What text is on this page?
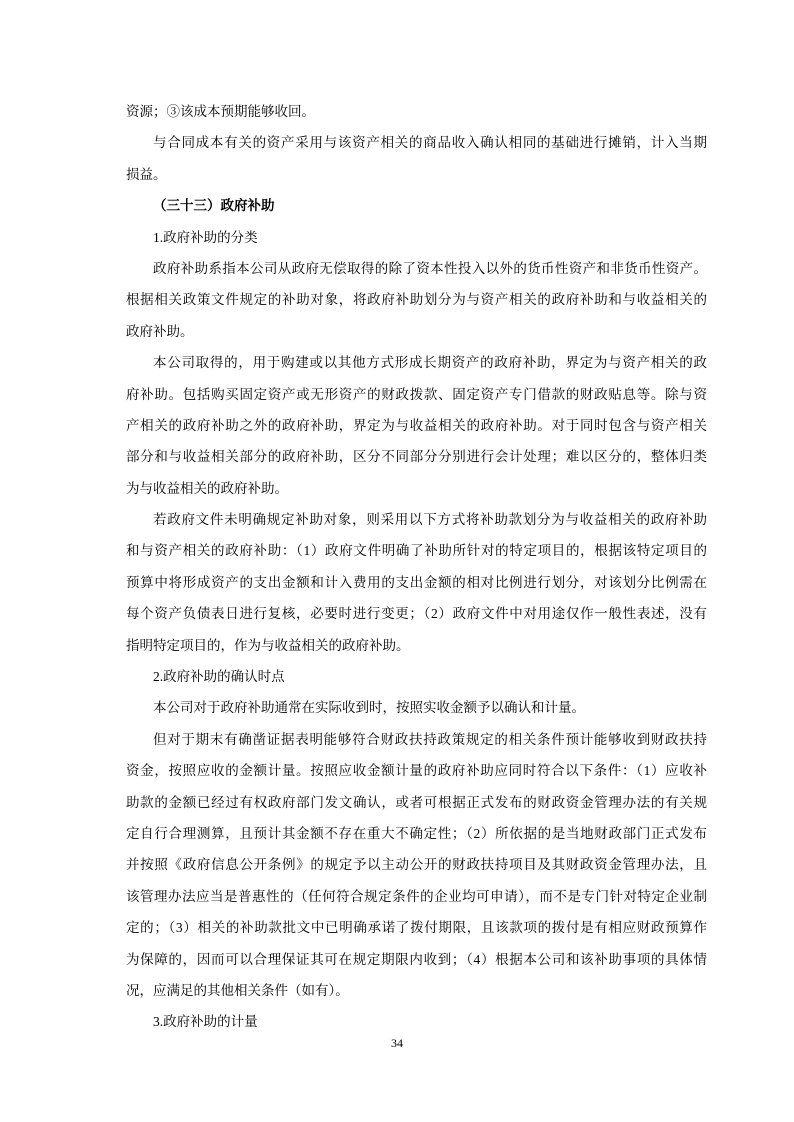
资源；③该成本预期能够收回。
与合同成本有关的资产采用与该资产相关的商品收入确认相同的基础进行摊销，计入当期
损益。
（三十三）政府补助
1.政府补助的分类
政府补助系指本公司从政府无偿取得的除了资本性投入以外的货币性资产和非货币性资产。
根据相关政策文件规定的补助对象，将政府补助划分为与资产相关的政府补助和与收益相关的
政府补助。
本公司取得的，用于购建或以其他方式形成长期资产的政府补助，界定为与资产相关的政
府补助。包括购买固定资产或无形资产的财政拨款、固定资产专门借款的财政贴息等。除与资
产相关的政府补助之外的政府补助，界定为与收益相关的政府补助。对于同时包含与资产相关
部分和与收益相关部分的政府补助，区分不同部分分别进行会计处理；难以区分的，整体归类
为与收益相关的政府补助。
若政府文件未明确规定补助对象，则采用以下方式将补助款划分为与收益相关的政府补助
和与资产相关的政府补助：（1）政府文件明确了补助所针对的特定项目的，根据该特定项目的
预算中将形成资产的支出金额和计入费用的支出金额的相对比例进行划分，对该划分比例需在
每个资产负债表日进行复核，必要时进行变更；（2）政府文件中对用途仅作一般性表述，没有
指明特定项目的，作为与收益相关的政府补助。
2.政府补助的确认时点
本公司对于政府补助通常在实际收到时，按照实收金额予以确认和计量。
但对于期末有确凿证据表明能够符合财政扶持政策规定的相关条件预计能够收到财政扶持
资金，按照应收的金额计量。按照应收金额计量的政府补助应同时符合以下条件：（1）应收补
助款的金额已经过有权政府部门发文确认，或者可根据正式发布的财政资金管理办法的有关规
定自行合理测算，且预计其金额不存在重大不确定性；（2）所依据的是当地财政部门正式发布
并按照《政府信息公开条例》的规定予以主动公开的财政扶持项目及其财政资金管理办法，且
该管理办法应当是普惠性的（任何符合规定条件的企业均可申请），而不是专门针对特定企业制
定的；（3）相关的补助款批文中已明确承诺了拨付期限，且该款项的拨付是有相应财政预算作
为保障的，因而可以合理保证其可在规定期限内收到；（4）根据本公司和该补助事项的具体情
况，应满足的其他相关条件（如有）。
3.政府补助的计量
34
